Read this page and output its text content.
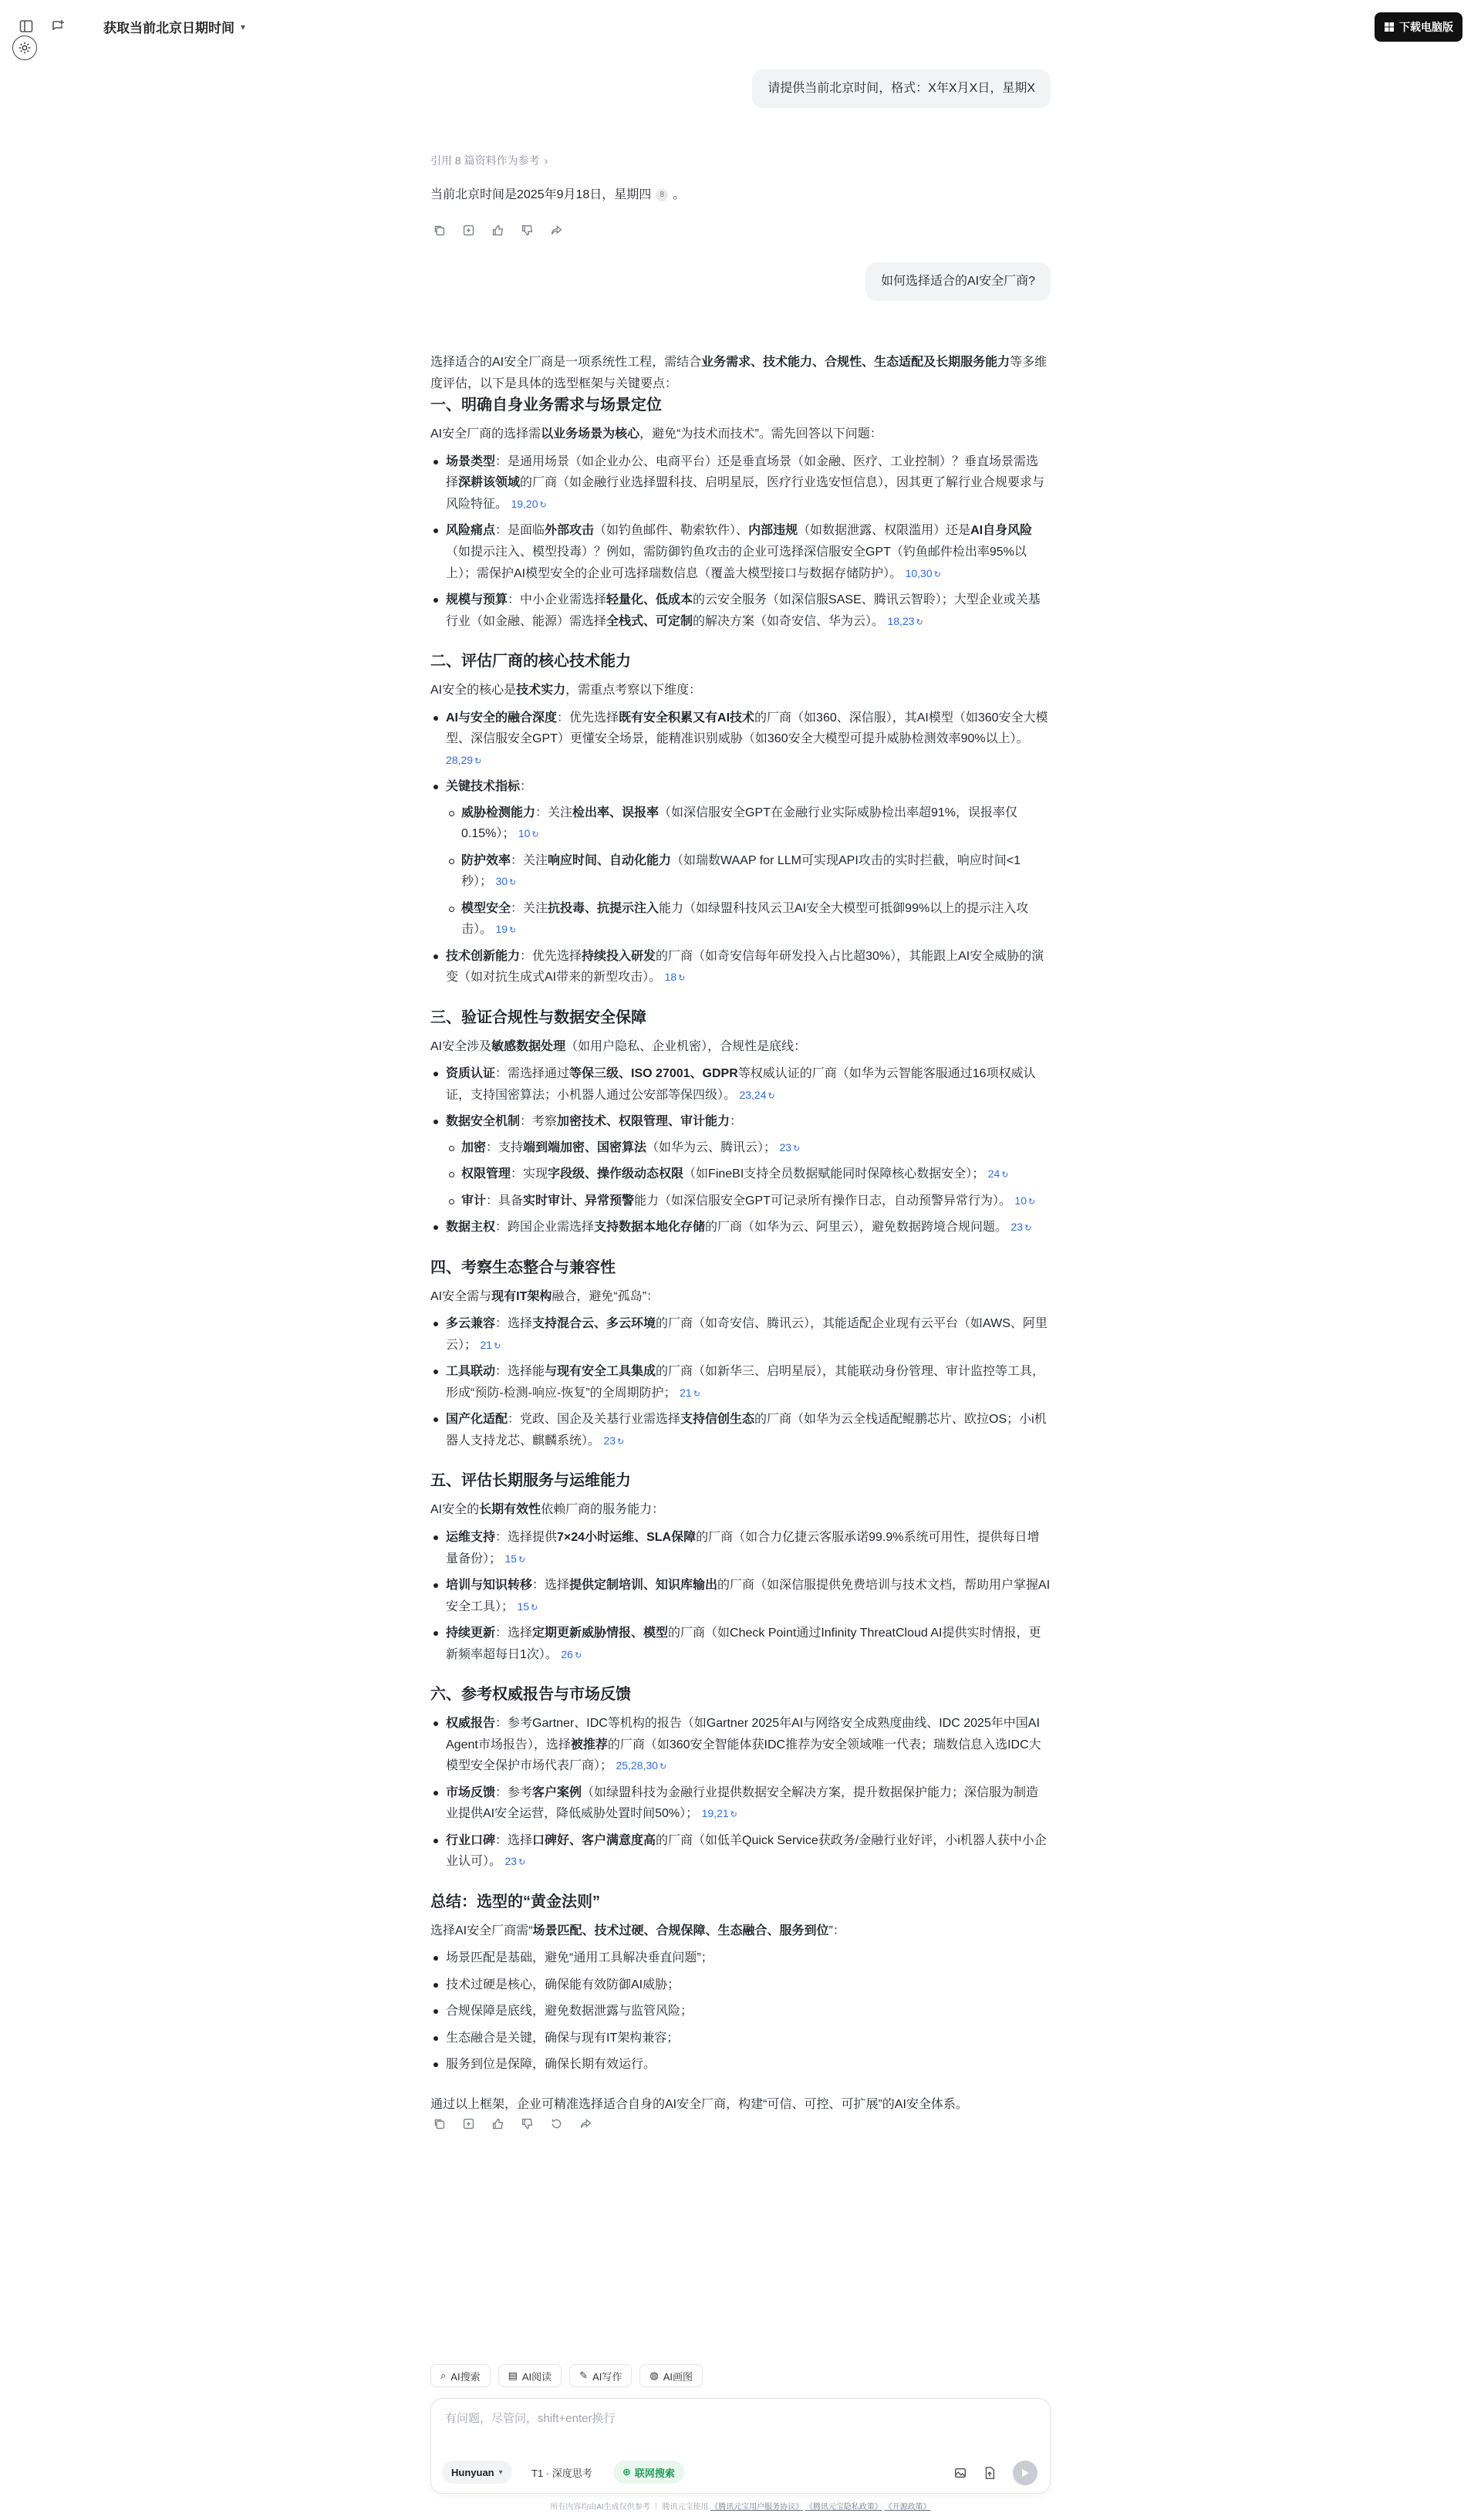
获取当前北京日期时间 ▾	下载电脑版
请提供当前北京时间，格式：X年X月X日，星期X
引用 8 篇资料作为参考 ›
当前北京时间是2025年9月18日，星期四	8 。
如何选择适合的AI安全厂商?

选择适合的AI安全厂商是一项系统性工程，需结合业务需求、技术能力、合规性、生态适配及长期服务能力等多维度评估，以下是具体的选型框架与关键要点：

一、明确自身业务需求与场景定位

AI安全厂商的选择需以业务场景为核心，避免“为技术而技术”。需先回答以下问题：

场景类型：是通用场景（如企业办公、电商平台）还是垂直场景（如金融、医疗、工业控制）？垂直场景需选择深耕该领域的厂商（如金融行业选择盟科技、启明星辰，医疗行业选安恒信息），因其更了解行业合规要求与风险特征。 19,20 ↻
风险痛点：是面临外部攻击（如钓鱼邮件、勒索软件）、内部违规（如数据泄露、权限滥用）还是AI自身风险（如提示注入、模型投毒）？例如，需防御钓鱼攻击的企业可选择深信服安全GPT（钓鱼邮件检出率95%以上）；需保护AI模型安全的企业可选择瑞数信息（覆盖大模型接口与数据存储防护）。 10,30 ↻
规模与预算：中小企业需选择轻量化、低成本的云安全服务（如深信服SASE、腾讯云智聆）；大型企业或关基行业（如金融、能源）需选择全栈式、可定制的解决方案（如奇安信、华为云）。 18,23 ↻
二、评估厂商的核心技术能力

AI安全的核心是技术实力，需重点考察以下维度：

AI与安全的融合深度：优先选择既有安全积累又有AI技术的厂商（如360、深信服），其AI模型（如360安全大模型、深信服安全GPT）更懂安全场景，能精准识别威胁（如360安全大模型可提升威胁检测效率90%以上）。 28,29 ↻
关键技术指标：
威胁检测能力：关注检出率、误报率（如深信服安全GPT在金融行业实际威胁检出率超91%，误报率仅0.15%）； 10 ↻
防护效率：关注响应时间、自动化能力（如瑞数WAAP for LLM可实现API攻击的实时拦截，响应时间<1秒）； 30 ↻
模型安全：关注抗投毒、抗提示注入能力（如绿盟科技风云卫AI安全大模型可抵御99%以上的提示注入攻击）。 19 ↻
技术创新能力：优先选择持续投入研发的厂商（如奇安信每年研发投入占比超30%），其能跟上AI安全威胁的演变（如对抗生成式AI带来的新型攻击）。 18 ↻
三、验证合规性与数据安全保障

AI安全涉及敏感数据处理（如用户隐私、企业机密），合规性是底线：

资质认证：需选择通过等保三级、ISO 27001、GDPR等权威认证的厂商（如华为云智能客服通过16项权威认证，支持国密算法；小机器人通过公安部等保四级）。 23,24 ↻
数据安全机制：考察加密技术、权限管理、审计能力：
加密：支持端到端加密、国密算法（如华为云、腾讯云）； 23 ↻
权限管理：实现字段级、操作级动态权限（如FineBI支持全员数据赋能同时保障核心数据安全）； 24 ↻
审计：具备实时审计、异常预警能力（如深信服安全GPT可记录所有操作日志，自动预警异常行为）。 10 ↻
数据主权：跨国企业需选择支持数据本地化存储的厂商（如华为云、阿里云），避免数据跨境合规问题。 23 ↻
四、考察生态整合与兼容性

AI安全需与现有IT架构融合，避免“孤岛”：

多云兼容：选择支持混合云、多云环境的厂商（如奇安信、腾讯云），其能适配企业现有云平台（如AWS、阿里云）； 21 ↻
工具联动：选择能与现有安全工具集成的厂商（如新华三、启明星辰），其能联动身份管理、审计监控等工具，形成“预防-检测-响应-恢复”的全周期防护； 21 ↻
国产化适配：党政、国企及关基行业需选择支持信创生态的厂商（如华为云全栈适配鲲鹏芯片、欧拉OS；小i机器人支持龙芯、麒麟系统）。 23 ↻
五、评估长期服务与运维能力

AI安全的长期有效性依赖厂商的服务能力：

运维支持：选择提供7×24小时运维、SLA保障的厂商（如合力亿捷云客服承诺99.9%系统可用性，提供每日增量备份）； 15 ↻
培训与知识转移：选择提供定制培训、知识库输出的厂商（如深信服提供免费培训与技术文档，帮助用户掌握AI安全工具）； 15 ↻
持续更新：选择定期更新威胁情报、模型的厂商（如Check Point通过Infinity ThreatCloud AI提供实时情报，更新频率超每日1次）。 26 ↻
六、参考权威报告与市场反馈
权威报告：参考Gartner、IDC等机构的报告（如Gartner 2025年AI与网络安全成熟度曲线、IDC 2025年中国AI Agent市场报告），选择被推荐的厂商（如360安全智能体获IDC推荐为安全领域唯一代表；瑞数信息入选IDC大模型安全保护市场代表厂商）； 25,28,30 ↻
市场反馈：参考客户案例（如绿盟科技为金融行业提供数据安全解决方案，提升数据保护能力；深信服为制造业提供AI安全运营，降低威胁处置时间50%）； 19,21 ↻
行业口碑：选择口碑好、客户满意度高的厂商（如低羊Quick Service获政务/金融行业好评，小i机器人获中小企业认可）。 23 ↻
总结：选型的“黄金法则”

选择AI安全厂商需“场景匹配、技术过硬、合规保障、生态融合、服务到位”：

场景匹配是基础，避免“通用工具解决垂直问题”；
技术过硬是核心，确保能有效防御AI威胁；
合规保障是底线，避免数据泄露与监管风险；
生态融合是关键，确保与现有IT架构兼容；
服务到位是保障，确保长期有效运行。

通过以上框架，企业可精准选择适合自身的AI安全厂商，构建“可信、可控、可扩展”的AI安全体系。

⌕ AI搜索	▤ AI阅读	✎ AI写作	◍ AI画图
有问题，尽管问，shift+enter换行
Hunyuan ▾	T1 · 深度思考	⊕ 联网搜索
所有内容均由AI生成仅供参考 ｜ 腾讯元宝使用 《腾讯元宝用户服务协议》 《腾讯元宝隐私政策》 《开源政策》
